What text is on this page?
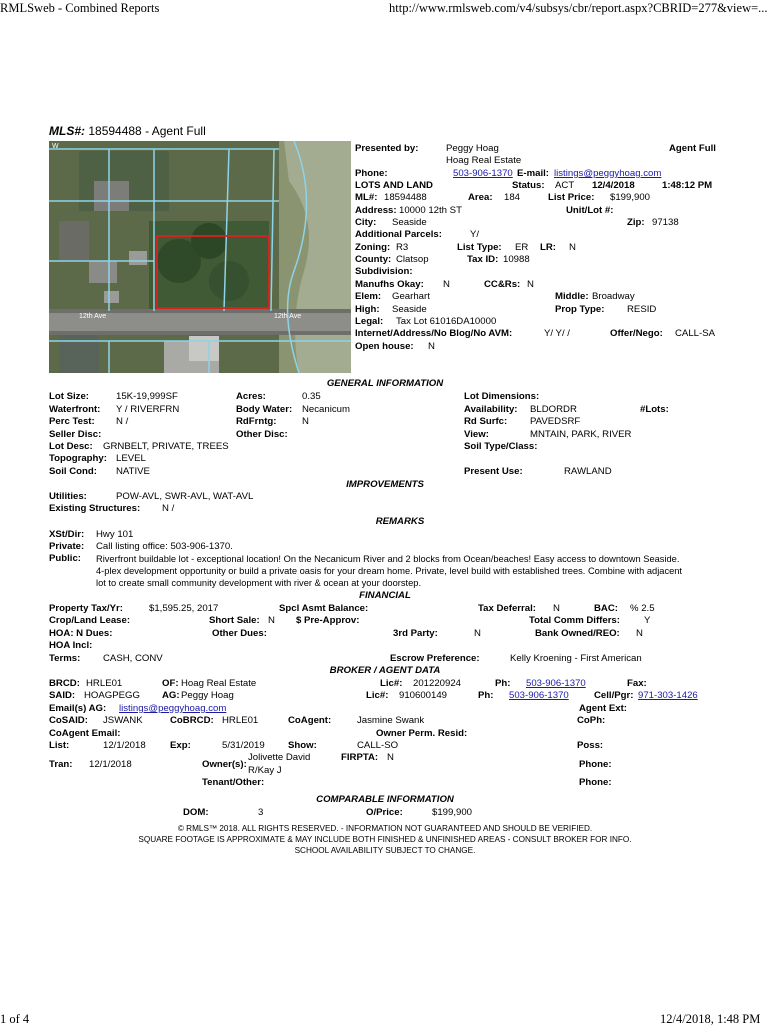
RMLSweb - Combined Reports	http://www.rmlsweb.com/v4/subsys/cbr/report.aspx?CBRID=277&view=...
1 of 4	12/4/2018, 1:48 PM
MLS#: 18594488 - Agent Full
12th Ave	12th Ave
W	Presented by:	Peggy Hoag	Agent Full
Hoag Real Estate
Phone:	503-906-1370 E-mail: listings@peggyhoag.com
LOTS AND LAND	Status: ACT 12/4/2018	1:48:12 PM
ML#: 18594488	Area: 184	List Price: $199,900
Address: 10000 12th ST	Unit/Lot #:
City: Seaside	Zip: 97138
Additional Parcels:	Y/
Zoning: R3	List Type: ER LR: N
County: Clatsop	Tax ID: 10988
Subdivision:
Manufhs Okay: N	CC&Rs: N
Elem: Gearhart	Middle: Broadway
High: Seaside	Prop Type: RESID
Legal: Tax Lot 61016DA10000
Internet/Address/No Blog/No AVM:	Y/ Y/ /	Offer/Nego: CALL-SA
Open house: N
GENERAL INFORMATION
Lot Size:	15K-19,999SF	Acres:	0.35	Lot Dimensions:
Waterfront: Y / RIVERFRN	Body Water: Necanicum	Availability: BLDORDR	#Lots:
Perc Test: N /	RdFrntg:	N	Rd Surfc: PAVEDSRF
Seller Disc:	Other Disc:	View:	MNTAIN, PARK, RIVER
Lot Desc: GRNBELT, PRIVATE, TREES	Soil Type/Class:
Topography: LEVEL
Soil Cond: NATIVE	Present Use:	RAWLAND
IMPROVEMENTS
Utilities:	POW-AVL, SWR-AVL, WAT-AVL
Existing Structures: N /
REMARKS
XSt/Dir: Hwy 101
Private: Call listing office: 503-906-1370.
Public: Riverfront buildable lot - exceptional location! On the Necanicum River and 2 blocks from Ocean/beaches! Easy access to downtown Seaside.
4-plex development opportunity or build a private oasis for your dream home. Private, level build with established trees. Combine with adjacent
lot to create small community development with river & ocean at your doorstep.
FINANCIAL
Property Tax/Yr:	$1,595.25, 2017	Spcl Asmt Balance:	Tax Deferral: N	BAC: % 2.5
Crop/Land Lease:	Short Sale: N $ Pre-Approv:	Total Comm Differs:	Y
HOA: N Dues:	Other Dues:	3rd Party:	N	Bank Owned/REO: N
HOA Incl:
Terms: CASH, CONV	Escrow Preference:	Kelly Kroening - First American
BROKER / AGENT DATA
BRCD: HRLE01	OF: Hoag Real Estate	Lic#: 201220924	Ph: 503-906-1370	Fax:
SAID: HOAGPEGG AG: Peggy Hoag	Lic#: 910600149	Ph: 503-906-1370	Cell/Pgr: 971-303-1426
Email(s) AG: listings@peggyhoag.com	Agent Ext:
CoSAID: JSWANK	CoBRCD: HRLE01	CoAgent:	Jasmine Swank	CoPh:
CoAgent Email:	Owner Perm. Resid:
List:	12/1/2018	Exp:	5/31/2019 Show:	CALL-SO	Poss:
Tran: 12/1/2018	Owner(s):
Jolivette David
R/Kay J
FIRPTA: N
Phone:
Tenant/Other:	Phone:
COMPARABLE INFORMATION
DOM:	3	O/Price:	$199,900
© RMLS™ 2018. ALL RIGHTS RESERVED. - INFORMATION NOT GUARANTEED AND SHOULD BE VERIFIED.
SQUARE FOOTAGE IS APPROXIMATE & MAY INCLUDE BOTH FINISHED & UNFINISHED AREAS - CONSULT BROKER FOR INFO.
SCHOOL AVAILABILITY SUBJECT TO CHANGE.
